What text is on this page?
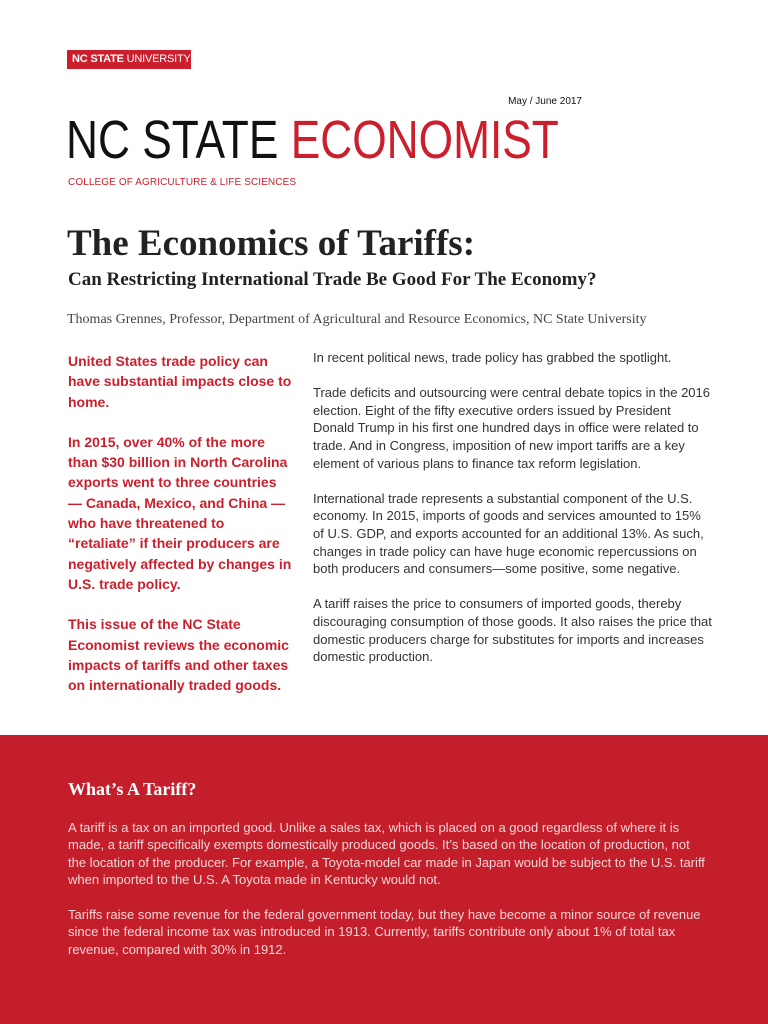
NC STATE UNIVERSITY
May / June 2017
NC STATE ECONOMIST
COLLEGE OF AGRICULTURE & LIFE SCIENCES
The Economics of Tariffs:
Can Restricting International Trade Be Good For The Economy?
Thomas Grennes, Professor, Department of Agricultural and Resource Economics, NC State University

United States trade policy can have substantial impacts close to home.

In 2015, over 40% of the more than $30 billion in North Carolina exports went to three countries — Canada, Mexico, and China — who have threatened to “retaliate” if their producers are negatively affected by changes in U.S. trade policy.

This issue of the NC State Economist reviews the economic impacts of tariffs and other taxes on internationally traded goods.

In recent political news, trade policy has grabbed the spotlight.

Trade deficits and outsourcing were central debate topics in the 2016 election. Eight of the fifty executive orders issued by President Donald Trump in his first one hundred days in office were related to trade. And in Congress, imposition of new import tariffs are a key element of various plans to finance tax reform legislation.

International trade represents a substantial component of the U.S. economy. In 2015, imports of goods and services amounted to 15% of U.S. GDP, and exports accounted for an additional 13%. As such, changes in trade policy can have huge economic repercussions on both producers and consumers—some positive, some negative.

A tariff raises the price to consumers of imported goods, thereby discouraging consumption of those goods. It also raises the price that domestic producers charge for substitutes for imports and increases domestic production.

What’s A Tariff?

A tariff is a tax on an imported good. Unlike a sales tax, which is placed on a good regardless of where it is made, a tariff specifically exempts domestically produced goods. It’s based on the location of production, not the location of the producer. For example, a Toyota-model car made in Japan would be subject to the U.S. tariff when imported to the U.S. A Toyota made in Kentucky would not.

Tariffs raise some revenue for the federal government today, but they have become a minor source of revenue since the federal income tax was introduced in 1913. Currently, tariffs contribute only about 1% of total tax revenue, compared with 30% in 1912.
